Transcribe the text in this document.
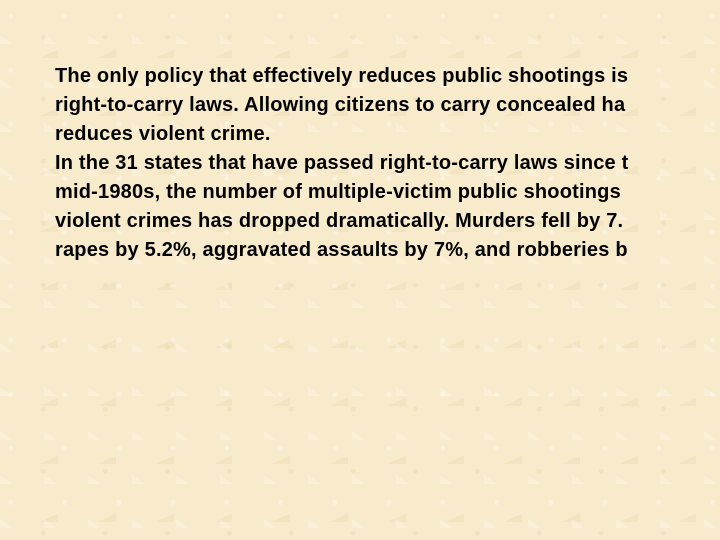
The only policy that effectively reduces public shootings is
right-to-carry laws. Allowing citizens to carry concealed ha
reduces violent crime.
In the 31 states that have passed right-to-carry laws since t
mid-1980s, the number of multiple-victim public shootings
violent crimes has dropped dramatically. Murders fell by 7.
rapes by 5.2%, aggravated assaults by 7%, and robberies b
